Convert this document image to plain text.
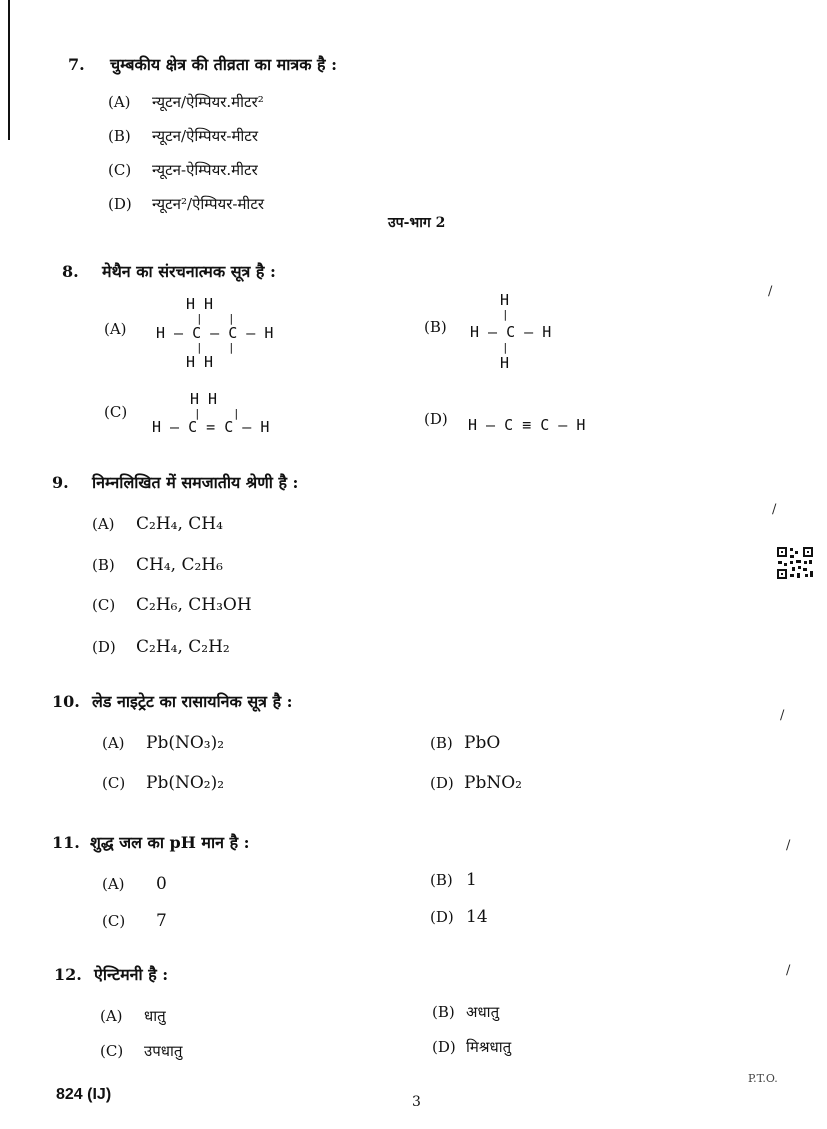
7. चुम्बकीय क्षेत्र की तीव्रता का मात्रक है :
(A) न्यूटन/ऐम्पियर.मीटर²
(B) न्यूटन/ऐम्पियर-मीटर
(C) न्यूटन-ऐम्पियर.मीटर
(D) न्यूटन²/ऐम्पियर-मीटर
उप-भाग 2
8. मेथैन का संरचनात्मक सूत्र है :
(A)
H H
| |
H – C – C – H
| |
H H
(B)
H
|
H – C – H
|
H
(C)
H H
|	|
H – C = C – H	(D) H – C ≡ C – H
/
9. निम्नलिखित में समजातीय श्रेणी है :
(A) C₂H₄, CH₄
(B) CH₄, C₂H₆
(C) C₂H₆, CH₃OH
(D) C₂H₄, C₂H₂
/
10. लेड नाइट्रेट का रासायनिक सूत्र है :
(A) Pb(NO₃)₂	(B) PbO
(C) Pb(NO₂)₂	(D) PbNO₂
/
11. शुद्ध जल का pH मान है :
(A) 0	(B) 1
(C) 7	(D) 14
/
12. ऐन्टिमनी है :
(A) धातु	(B) अधातु
(C) उपधातु	(D) मिश्रधातु
/
824 (IJ)	3
P.T.O.
